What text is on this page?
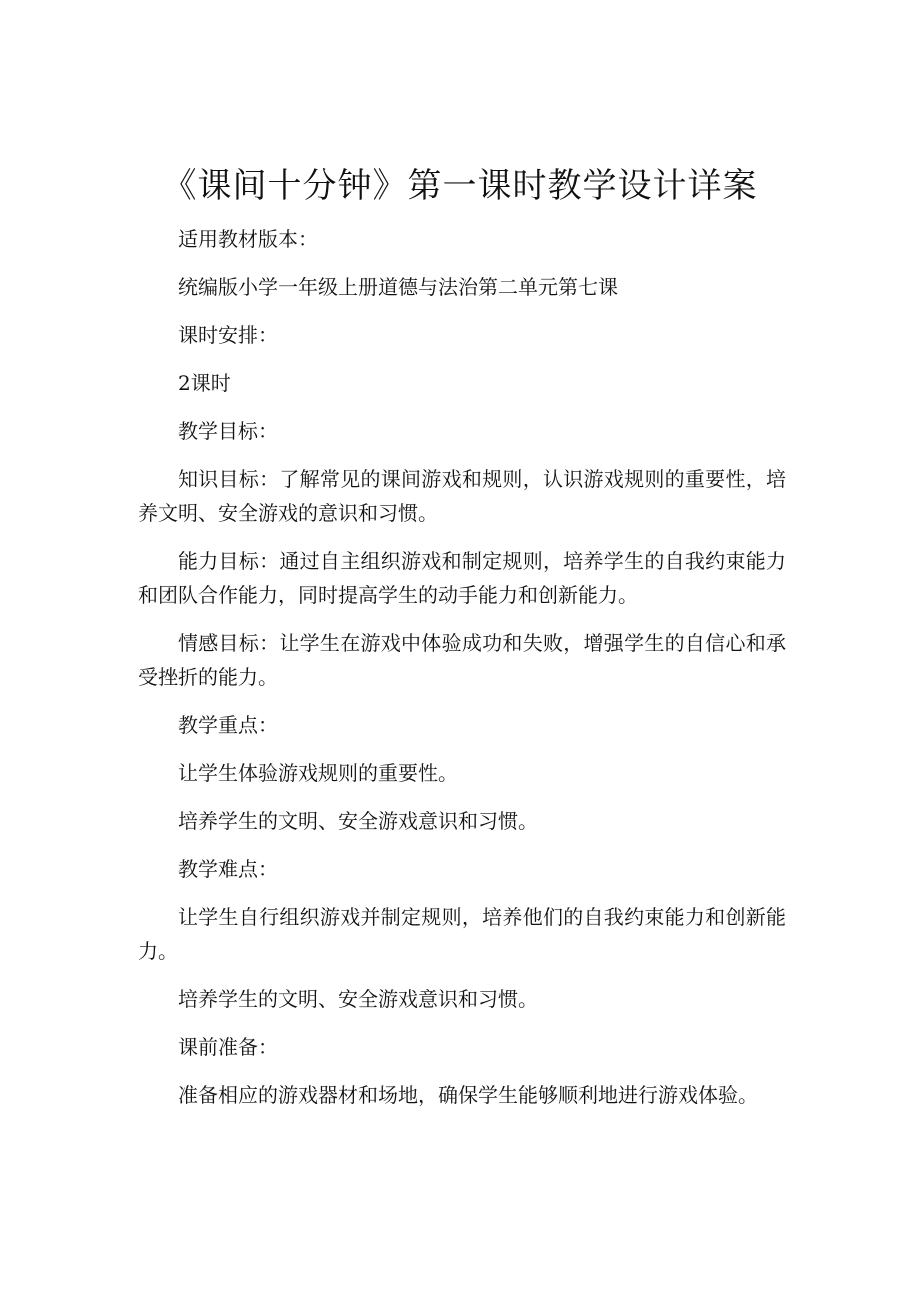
《课间十分钟》第一课时教学设计详案

适用教材版本：

统编版小学一年级上册道德与法治第二单元第七课

课时安排：

2课时

教学目标：

知识目标：了解常见的课间游戏和规则，认识游戏规则的重要性，培养文明、安全游戏的意识和习惯。

能力目标：通过自主组织游戏和制定规则，培养学生的自我约束能力和团队合作能力，同时提高学生的动手能力和创新能力。

情感目标：让学生在游戏中体验成功和失败，增强学生的自信心和承受挫折的能力。

教学重点：

让学生体验游戏规则的重要性。

培养学生的文明、安全游戏意识和习惯。

教学难点：

让学生自行组织游戏并制定规则，培养他们的自我约束能力和创新能力。

培养学生的文明、安全游戏意识和习惯。

课前准备：

准备相应的游戏器材和场地，确保学生能够顺利地进行游戏体验。
